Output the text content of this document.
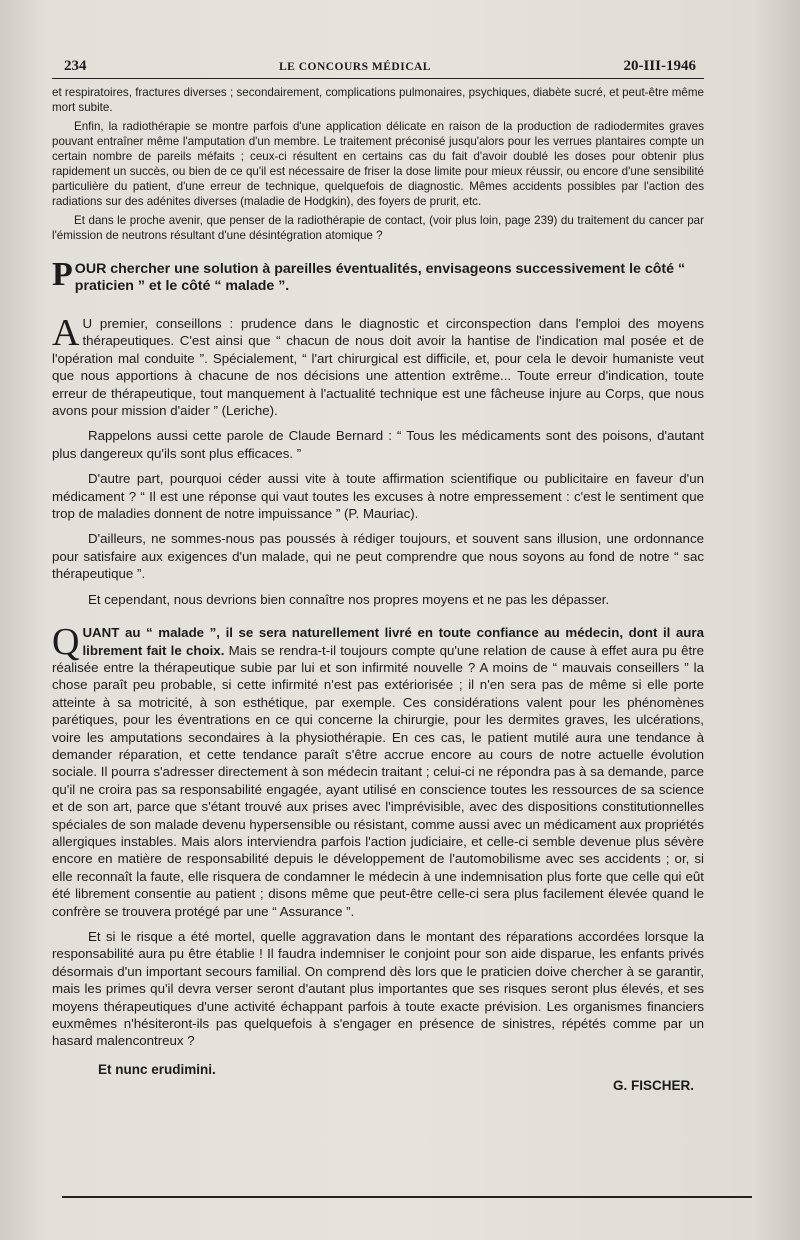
234	LE CONCOURS MÉDICAL	20-III-1946

et respiratoires, fractures diverses ; secondairement, complications pulmonaires, psychiques, diabète sucré, et peut-être même mort subite.

Enfin, la radiothérapie se montre parfois d'une application délicate en raison de la production de radiodermites graves pouvant entraîner même l'amputation d'un membre. Le traitement préconisé jusqu'alors pour les verrues plantaires compte un certain nombre de pareils méfaits ; ceux-ci résultent en certains cas du fait d'avoir doublé les doses pour obtenir plus rapidement un succès, ou bien de ce qu'il est nécessaire de friser la dose limite pour mieux réussir, ou encore d'une sensibilité particulière du patient, d'une erreur de technique, quelquefois de diagnostic. Mêmes accidents possibles par l'action des radiations sur des adénites diverses (maladie de Hodgkin), des foyers de prurit, etc.

Et dans le proche avenir, que penser de la radiothérapie de contact, (voir plus loin, page 239) du traitement du cancer par l'émission de neutrons résultant d'une désintégration atomique ?

P OUR chercher une solution à pareilles éventualités, envisageons successivement le côté “ praticien ” et le côté “ malade ”.

A U premier, conseillons : prudence dans le diagnostic et circonspection dans l'emploi des moyens thérapeutiques. C'est ainsi que “ chacun de nous doit avoir la hantise de l'indication mal posée et de l'opération mal conduite ”. Spécialement, “ l'art chirurgical est difficile, et, pour cela le devoir humaniste veut que nous apportions à chacune de nos décisions une attention extrême... Toute erreur d'indication, toute erreur de thérapeutique, tout manquement à l'actualité technique est une fâcheuse injure au Corps, que nous avons pour mission d'aider ” (Leriche).

Rappelons aussi cette parole de Claude Bernard : “ Tous les médicaments sont des poisons, d'autant plus dangereux qu'ils sont plus efficaces. ”

D'autre part, pourquoi céder aussi vite à toute affirmation scientifique ou publicitaire en faveur d'un médicament ? “ Il est une réponse qui vaut toutes les excuses à notre empressement : c'est le sentiment que trop de maladies donnent de notre impuissance ” (P. Mauriac).

D'ailleurs, ne sommes-nous pas poussés à rédiger toujours, et souvent sans illusion, une ordonnance pour satisfaire aux exigences d'un malade, qui ne peut comprendre que nous soyons au fond de notre “ sac thérapeutique ”.

Et cependant, nous devrions bien connaître nos propres moyens et ne pas les dépasser.

QUANT au “ malade ”, il se sera naturellement livré en toute confiance au médecin, dont il aura librement fait le choix. Mais se rendra-t-il toujours compte qu'une relation de cause à effet aura pu être réalisée entre la thérapeutique subie par lui et son infirmité nouvelle ? A moins de “ mauvais conseillers ” la chose paraît peu probable, si cette infirmité n'est pas extériorisée ; il n'en sera pas de même si elle porte atteinte à sa motricité, à son esthétique, par exemple. Ces considérations valent pour les phénomènes parétiques, pour les éventrations en ce qui concerne la chirurgie, pour les dermites graves, les ulcérations, voire les amputations secondaires à la physiothérapie. En ces cas, le patient mutilé aura une tendance à demander réparation, et cette tendance paraît s'être accrue encore au cours de notre actuelle évolution sociale. Il pourra s'adresser directement à son médecin traitant ; celui-ci ne répondra pas à sa demande, parce qu'il ne croira pas sa responsabilité engagée, ayant utilisé en conscience toutes les ressources de sa science et de son art, parce que s'étant trouvé aux prises avec l'imprévisible, avec des dispositions constitutionnelles spéciales de son malade devenu hypersensible ou résistant, comme aussi avec un médicament aux propriétés allergiques instables. Mais alors interviendra parfois l'action judiciaire, et celle-ci semble devenue plus sévère encore en matière de responsabilité depuis le développement de l'automobilisme avec ses accidents ; or, si elle reconnaît la faute, elle risquera de condamner le médecin à une indemnisation plus forte que celle qui eût été librement consentie au patient ; disons même que peut-être celle-ci sera plus facilement élevée quand le confrère se trouvera protégé par une “ Assurance ”.

Et si le risque a été mortel, quelle aggravation dans le montant des réparations accordées lorsque la responsabilité aura pu être établie ! Il faudra indemniser le conjoint pour son aide disparue, les enfants privés désormais d'un important secours familial. On comprend dès lors que le praticien doive chercher à se garantir, mais les primes qu'il devra verser seront d'autant plus importantes que ses risques seront plus élevés, et ses moyens thérapeutiques d'une activité échappant parfois à toute exacte prévision. Les organismes financiers euxmêmes n'hésiteront-ils pas quelquefois à s'engager en présence de sinistres, répétés comme par un hasard malencontreux ?

Et nunc erudimini.
G. FISCHER.
